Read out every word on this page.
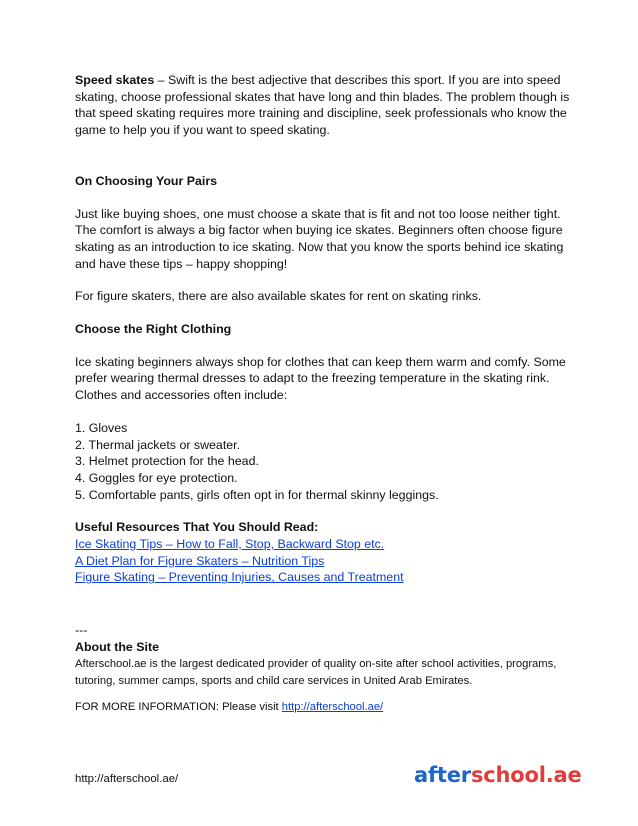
Speed skates – Swift is the best adjective that describes this sport. If you are into speed skating, choose professional skates that have long and thin blades. The problem though is that speed skating requires more training and discipline, seek professionals who know the game to help you if you want to speed skating.

On Choosing Your Pairs

Just like buying shoes, one must choose a skate that is fit and not too loose neither tight. The comfort is always a big factor when buying ice skates. Beginners often choose figure skating as an introduction to ice skating. Now that you know the sports behind ice skating and have these tips – happy shopping!

For figure skaters, there are also available skates for rent on skating rinks.

Choose the Right Clothing

Ice skating beginners always shop for clothes that can keep them warm and comfy. Some prefer wearing thermal dresses to adapt to the freezing temperature in the skating rink. Clothes and accessories often include:

1. Gloves
2. Thermal jackets or sweater.
3. Helmet protection for the head.
4. Goggles for eye protection.
5. Comfortable pants, girls often opt in for thermal skinny leggings.

Useful Resources That You Should Read:

Ice Skating Tips – How to Fall, Stop, Backward Stop etc.
A Diet Plan for Figure Skaters – Nutrition Tips
Figure Skating – Preventing Injuries, Causes and Treatment

---

About the Site

Afterschool.ae is the largest dedicated provider of quality on-site after school activities, programs, tutoring, summer camps, sports and child care services in United Arab Emirates.

FOR MORE INFORMATION: Please visit http://afterschool.ae/

http://afterschool.ae/	afterschool.ae
